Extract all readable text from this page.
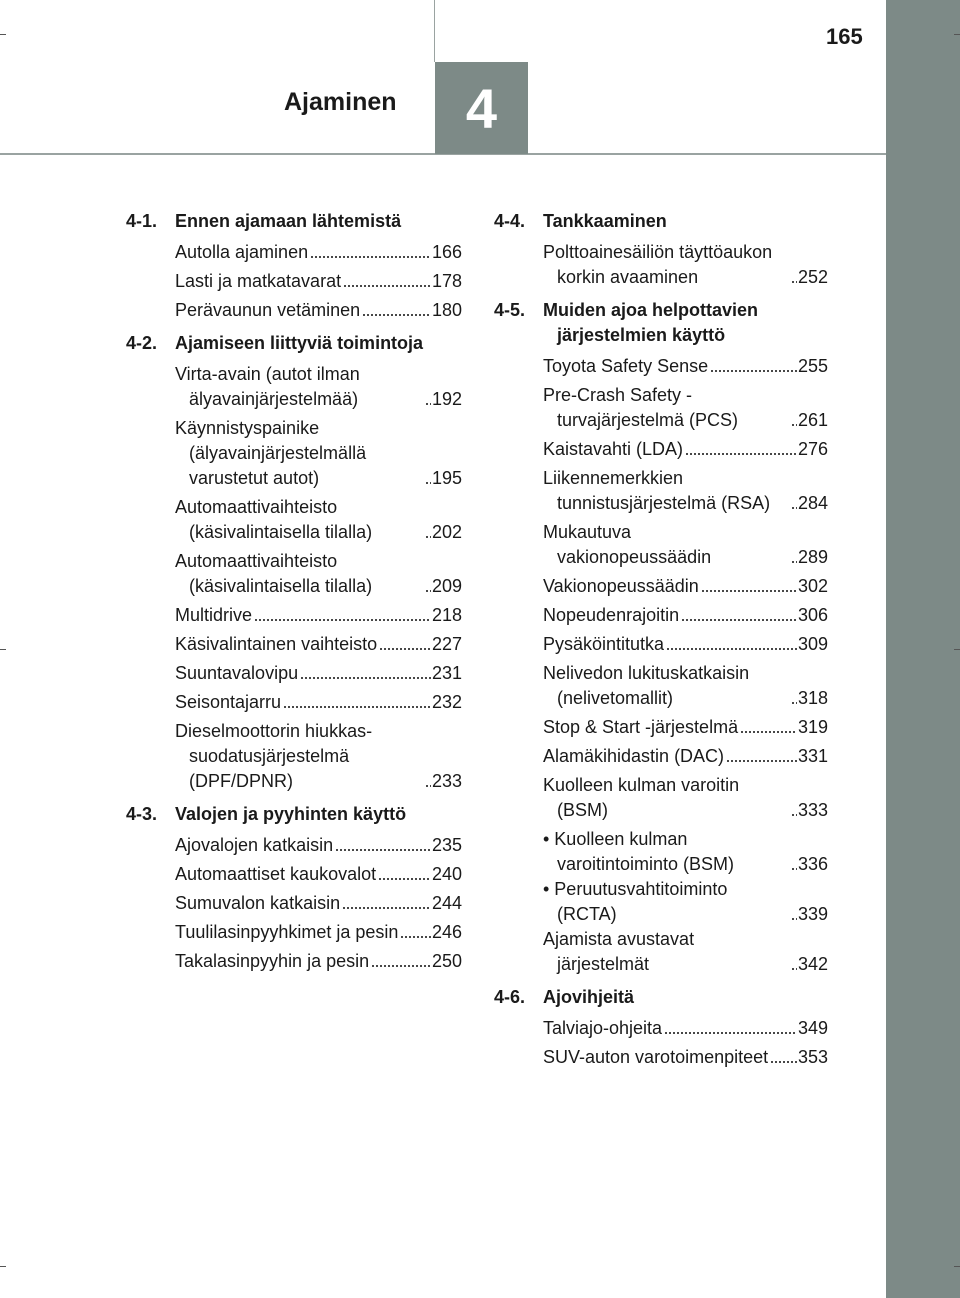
4
Ajaminen
165
4-1. Ennen ajamaan lähtemistä
Autolla ajaminen	166
Lasti ja matkatavarat	178
Perävaunun vetäminen	180
4-2. Ajamiseen liittyviä toimintoja
Virta-avain (autot ilman älyavainjärjestelmää)	192
Käynnistyspainike (älyavainjärjestelmällä varustetut autot)	195
Automaattivaihteisto (käsivalintaisella tilalla)	202
Automaattivaihteisto (käsivalintaisella tilalla)	209
Multidrive	218
Käsivalintainen vaihteisto	227
Suuntavalovipu	231
Seisontajarru	232
Dieselmoottorin hiukkas-suodatusjärjestelmä (DPF/DPNR)	233
4-3. Valojen ja pyyhinten käyttö
Ajovalojen katkaisin	235
Automaattiset kaukovalot	240
Sumuvalon katkaisin	244
Tuulilasinpyyhkimet ja pesin 246
Takalasinpyyhin ja pesin	250
4-4. Tankkaaminen
Polttoainesäiliön täyttöaukon korkin avaaminen	252
4-5. Muiden ajoa helpottavien järjestelmien käyttö
Toyota Safety Sense	255
Pre-Crash Safety -turvajärjestelmä (PCS)	261
Kaistavahti (LDA)	276
Liikennemerkkien tunnistusjärjestelmä (RSA)	284
Mukautuva vakionopeussäädin	289
Vakionopeussäädin	302
Nopeudenrajoitin	306
Pysäköintitutka	309
Nelivedon lukituskatkaisin (nelivetomallit)	318
Stop & Start -järjestelmä	319
Alamäkihidastin (DAC)	331
Kuolleen kulman varoitin (BSM)	333
• Kuolleen kulman varoitintoiminto (BSM)	336
• Peruutusvahtitoiminto (RCTA)	339
Ajamista avustavat järjestelmät	342
4-6. Ajovihjeitä
Talviajo-ohjeita	349
SUV-auton varotoimenpiteet 353
